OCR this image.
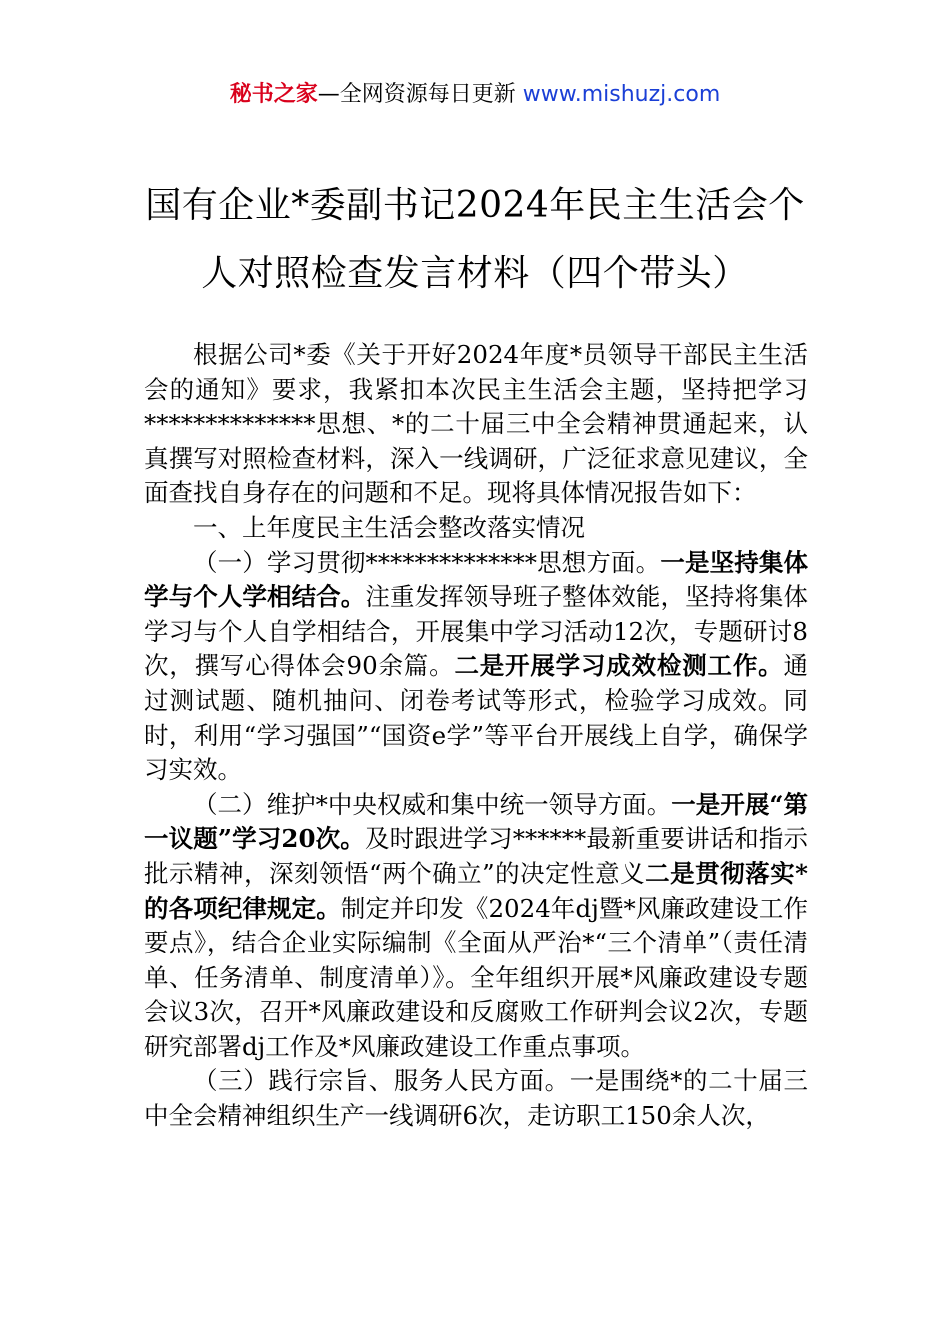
秘书之家—全网资源每日更新 www.mishuzj.com
国有企业*委副书记2024年民主生活会个人对照检查发言材料（四个带头）

根据公司*委《关于开好2024年度*员领导干部民主生活会的通知》要求，我紧扣本次民主生活会主题，坚持把学习**************思想、*的二十届三中全会精神贯通起来，认真撰写对照检查材料，深入一线调研，广泛征求意见建议，全面查找自身存在的问题和不足。现将具体情况报告如下：

一、上年度民主生活会整改落实情况

（一）学习贯彻**************思想方面。一是坚持集体学与个人学相结合。注重发挥领导班子整体效能，坚持将集体学习与个人自学相结合，开展集中学习活动12次，专题研讨8次，撰写心得体会90余篇。二是开展学习成效检测工作。通过测试题、随机抽问、闭卷考试等形式，检验学习成效。同时，利用“学习强国”“国资e学”等平台开展线上自学，确保学习实效。

（二）维护*中央权威和集中统一领导方面。一是开展“第一议题”学习20次。及时跟进学习******最新重要讲话和指示批示精神，深刻领悟“两个确立”的决定性意义二是贯彻落实*的各项纪律规定。制定并印发《2024年dj暨*风廉政建设工作要点》，结合企业实际编制《全面从严治*“三个清单”（责任清单、任务清单、制度清单）》。全年组织开展*风廉政建设专题会议3次，召开*风廉政建设和反腐败工作研判会议2次，专题研究部署dj工作及*风廉政建设工作重点事项。

（三）践行宗旨、服务人民方面。一是围绕*的二十届三中全会精神组织生产一线调研6次，走访职工150余人次，
